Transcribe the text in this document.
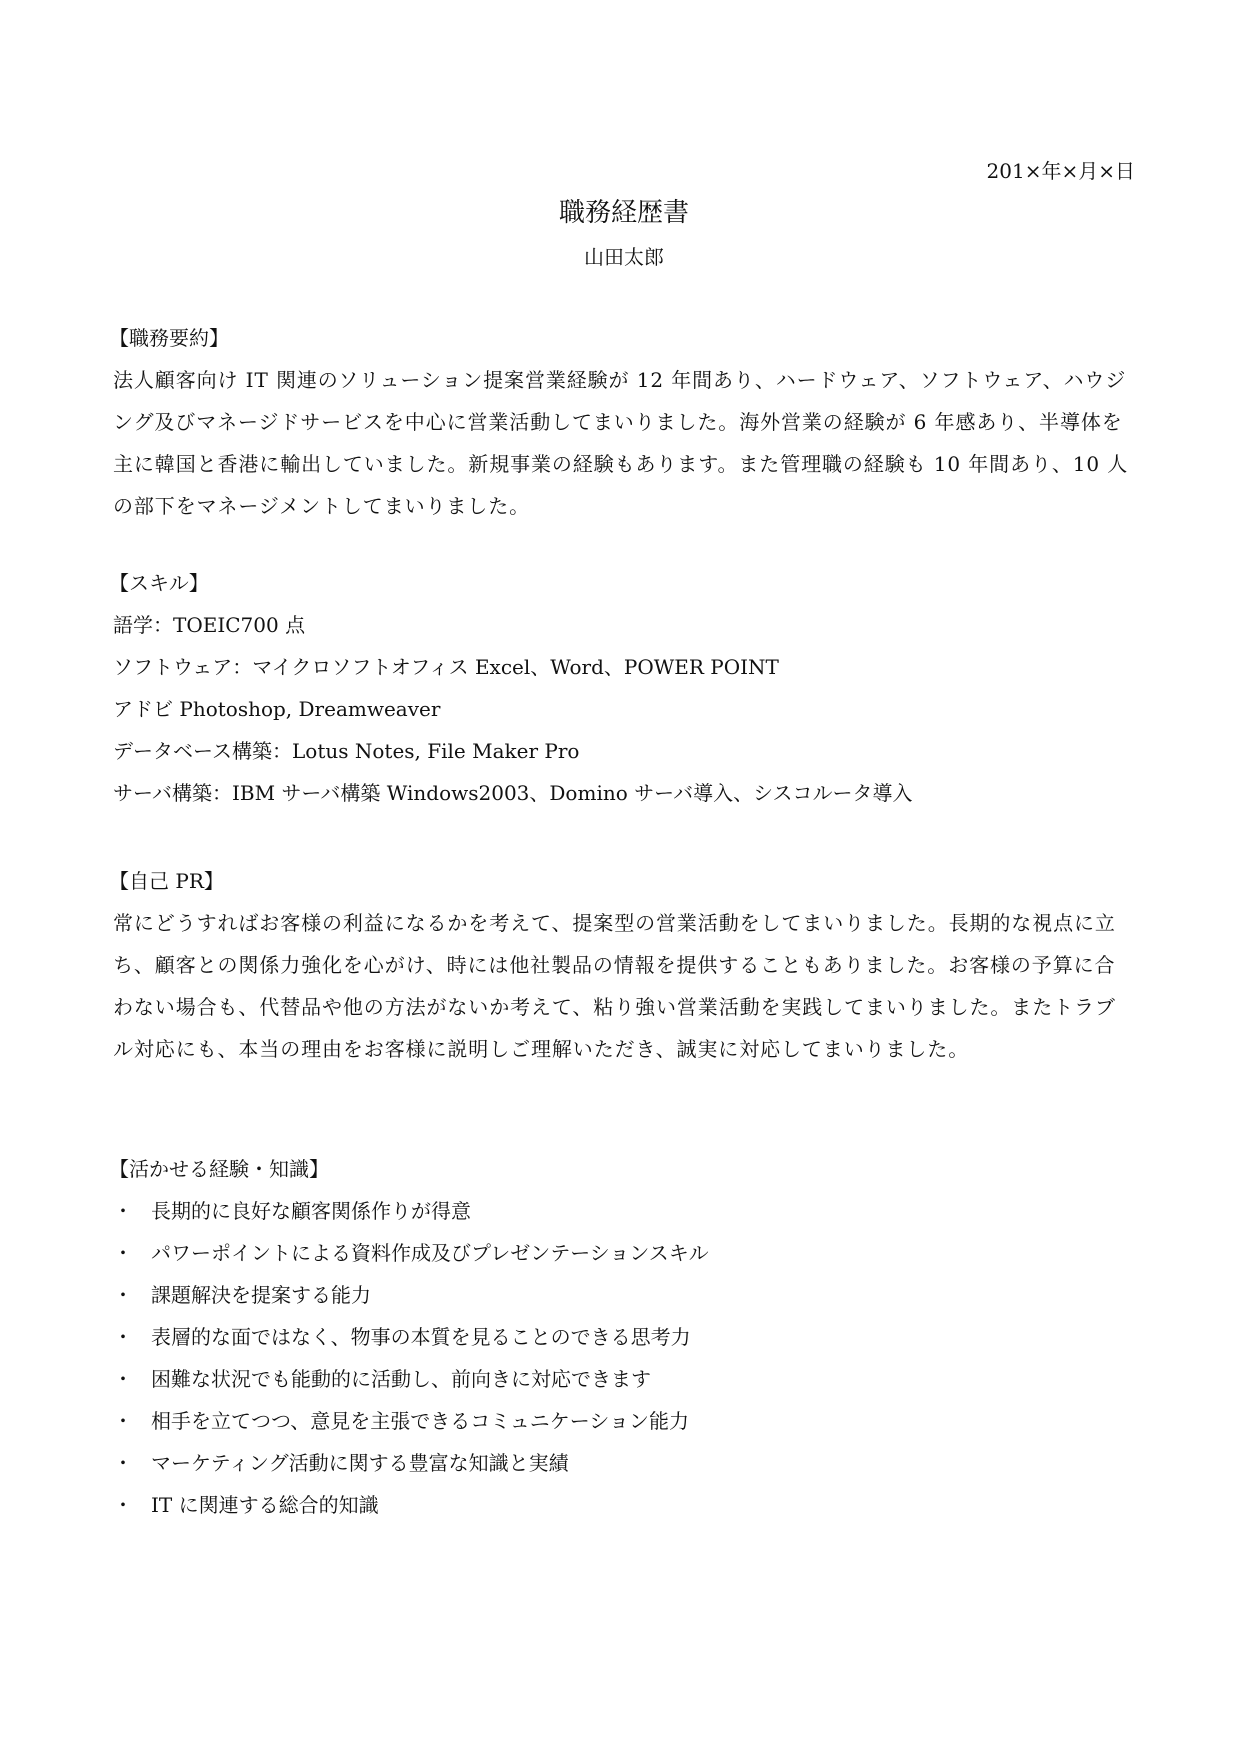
201×年×月×日
職務経歴書
山田太郎
【職務要約】

法人顧客向け IT 関連のソリューション提案営業経験が 12 年間あり、ハードウェア、ソフトウェア、ハウジング及びマネージドサービスを中心に営業活動してまいりました。海外営業の経験が 6 年感あり、半導体を主に韓国と香港に輸出していました。新規事業の経験もあります。また管理職の経験も 10 年間あり、10 人の部下をマネージメントしてまいりました。

【スキル】
語学：TOEIC700 点
ソフトウェア：マイクロソフトオフィス Excel、Word、POWER POINT
アドビ Photoshop, Dreamweaver
データベース構築：Lotus Notes, File Maker Pro
サーバ構築：IBM サーバ構築 Windows2003、Domino サーバ導入、シスコルータ導入
【自己 PR】

常にどうすればお客様の利益になるかを考えて、提案型の営業活動をしてまいりました。長期的な視点に立ち、顧客との関係力強化を心がけ、時には他社製品の情報を提供することもありました。お客様の予算に合わない場合も、代替品や他の方法がないか考えて、粘り強い営業活動を実践してまいりました。またトラブル対応にも、本当の理由をお客様に説明しご理解いただき、誠実に対応してまいりました。

【活かせる経験・知識】
・ 長期的に良好な顧客関係作りが得意
・ パワーポイントによる資料作成及びプレゼンテーションスキル
・ 課題解決を提案する能力
・ 表層的な面ではなく、物事の本質を見ることのできる思考力
・ 困難な状況でも能動的に活動し、前向きに対応できます
・ 相手を立てつつ、意見を主張できるコミュニケーション能力
・ マーケティング活動に関する豊富な知識と実績
・ IT に関連する総合的知識
